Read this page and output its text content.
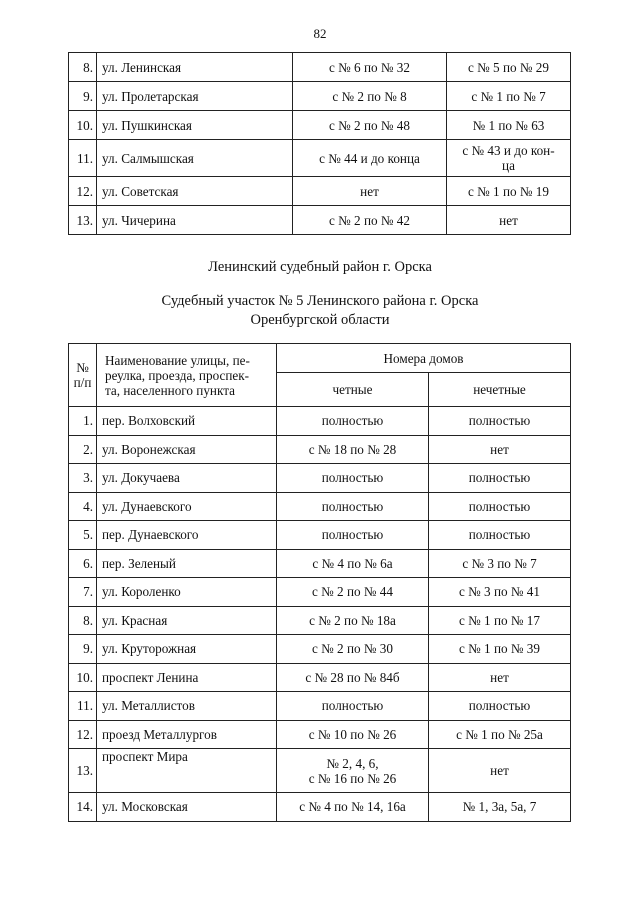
82
8.	ул. Ленинская	с № 6 по № 32	с № 5 по № 29
9.	ул. Пролетарская	с № 2 по № 8	с № 1 по № 7
10.	ул. Пушкинская	с № 2 по № 48	№ 1 по № 63
11.	ул. Салмышская	с № 44 и до конца	с № 43 и до кон-
ца
12.	ул. Советская	нет	с № 1 по № 19
13.	ул. Чичерина	с № 2 по № 42	нет
Ленинский судебный район г. Орска
Судебный участок № 5 Ленинского района г. Орска
Оренбургской области
№
п/п	Наименование улицы, пе-
реулка, проезда, проспек-
та, населенного пункта	Номера домов	
		четные	нечетные
1.	пер. Волховский	полностью	полностью
2.	ул. Воронежская	с № 18 по № 28	нет
3.	ул. Докучаева	полностью	полностью
4.	ул. Дунаевского	полностью	полностью
5.	пер. Дунаевского	полностью	полностью
6.	пер. Зеленый	с № 4 по № 6а	с № 3 по № 7
7.	ул. Короленко	с № 2 по № 44	с № 3 по № 41
8.	ул. Красная	с № 2 по № 18а	с № 1 по № 17
9.	ул. Круторожная	с № 2 по № 30	с № 1 по № 39
10.	проспект Ленина	с № 28 по № 84б	нет
11.	ул. Металлистов	полностью	полностью
12.	проезд Металлургов	с № 10 по № 26	с № 1 по № 25а
13.	проспект Мира	№ 2, 4, 6,
с № 16 по № 26	нет
14.	ул. Московская	с № 4 по № 14, 16а	№ 1, 3а, 5а, 7
